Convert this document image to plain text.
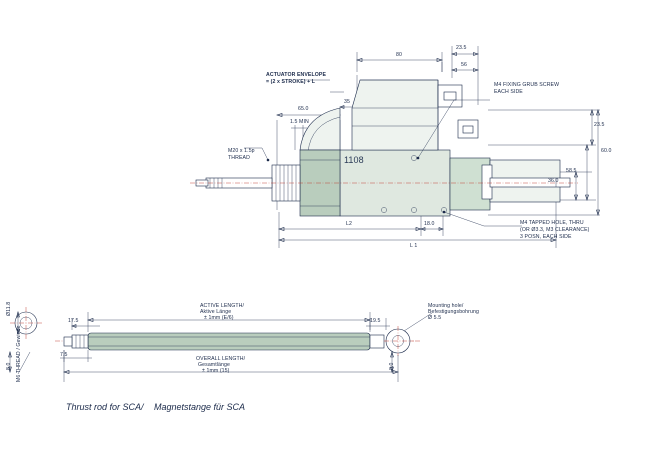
ACTUATOR ENVELOPE
= (2 x STROKE) + L
80
23.5
56
65.0
35
1.5 MIN
M20 x 1.5p
THREAD
M4 FIXING GRUB SCREW
EACH SIDE
M4 TAPPED HOLE, THRU
(OR Ø3.3, M3 CLEARANCE)
3 POSN, EACH SIDE
1108
23.5
60.0
58.5
36.0
L2	18.0
L 1
ACTIVE LENGTH/
Aktive Länge
± 1mm (E/6)
OVERALL LENGTH/
Gesamtlänge
± 1mm (15)
Mounting hole/
Befestigungsbohrung
Ø 5.5
M6 THREAD / Gewinde
Ø11.8
8.0	8.0
17.5
7.5
19.5
Thrust rod for SCA/ Magnetstange für SCA
